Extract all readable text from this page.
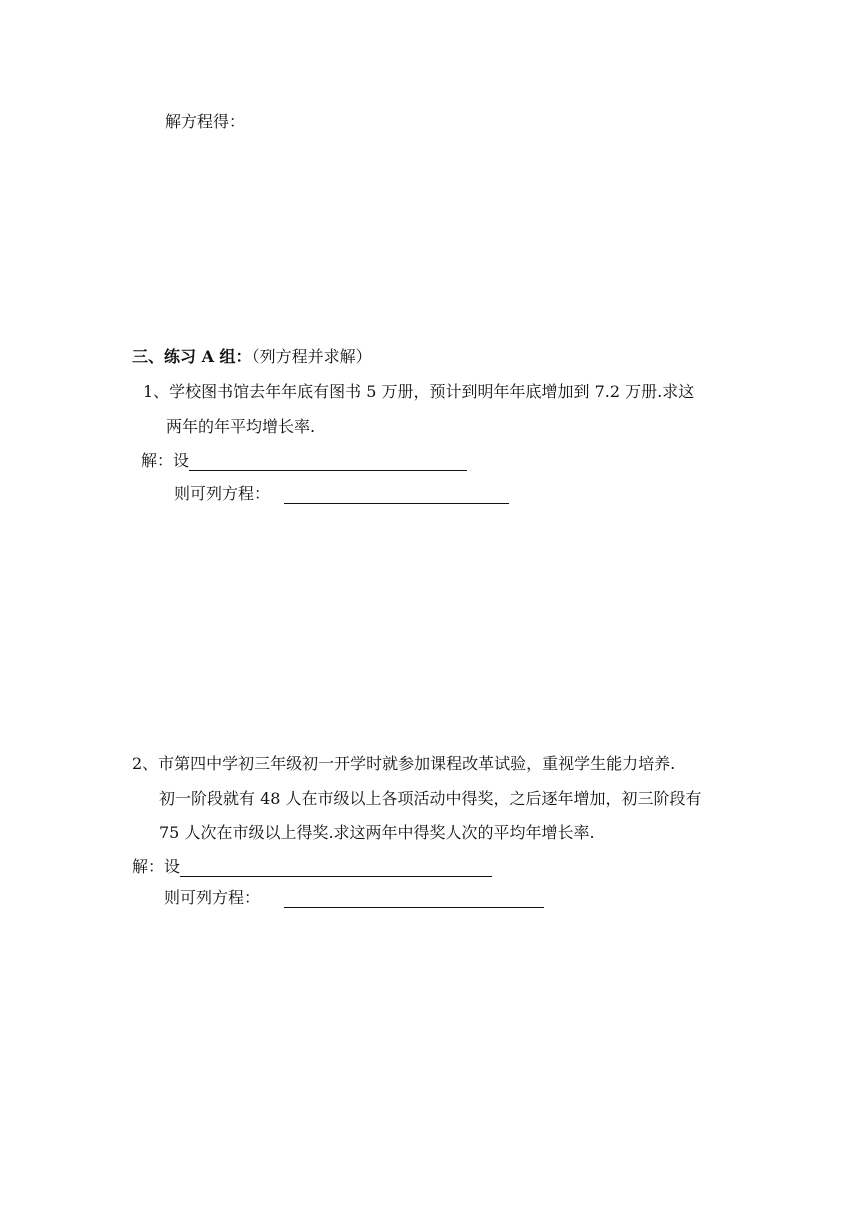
解方程得：
三、练习 A 组：（列方程并求解）
1、学校图书馆去年年底有图书 5 万册，预计到明年年底增加到 7.2 万册.求这
两年的年平均增长率.
解：设
则可列方程：
2、市第四中学初三年级初一开学时就参加课程改革试验，重视学生能力培养.
初一阶段就有 48 人在市级以上各项活动中得奖，之后逐年增加，初三阶段有
75 人次在市级以上得奖.求这两年中得奖人次的平均年增长率.
解：设
则可列方程：
